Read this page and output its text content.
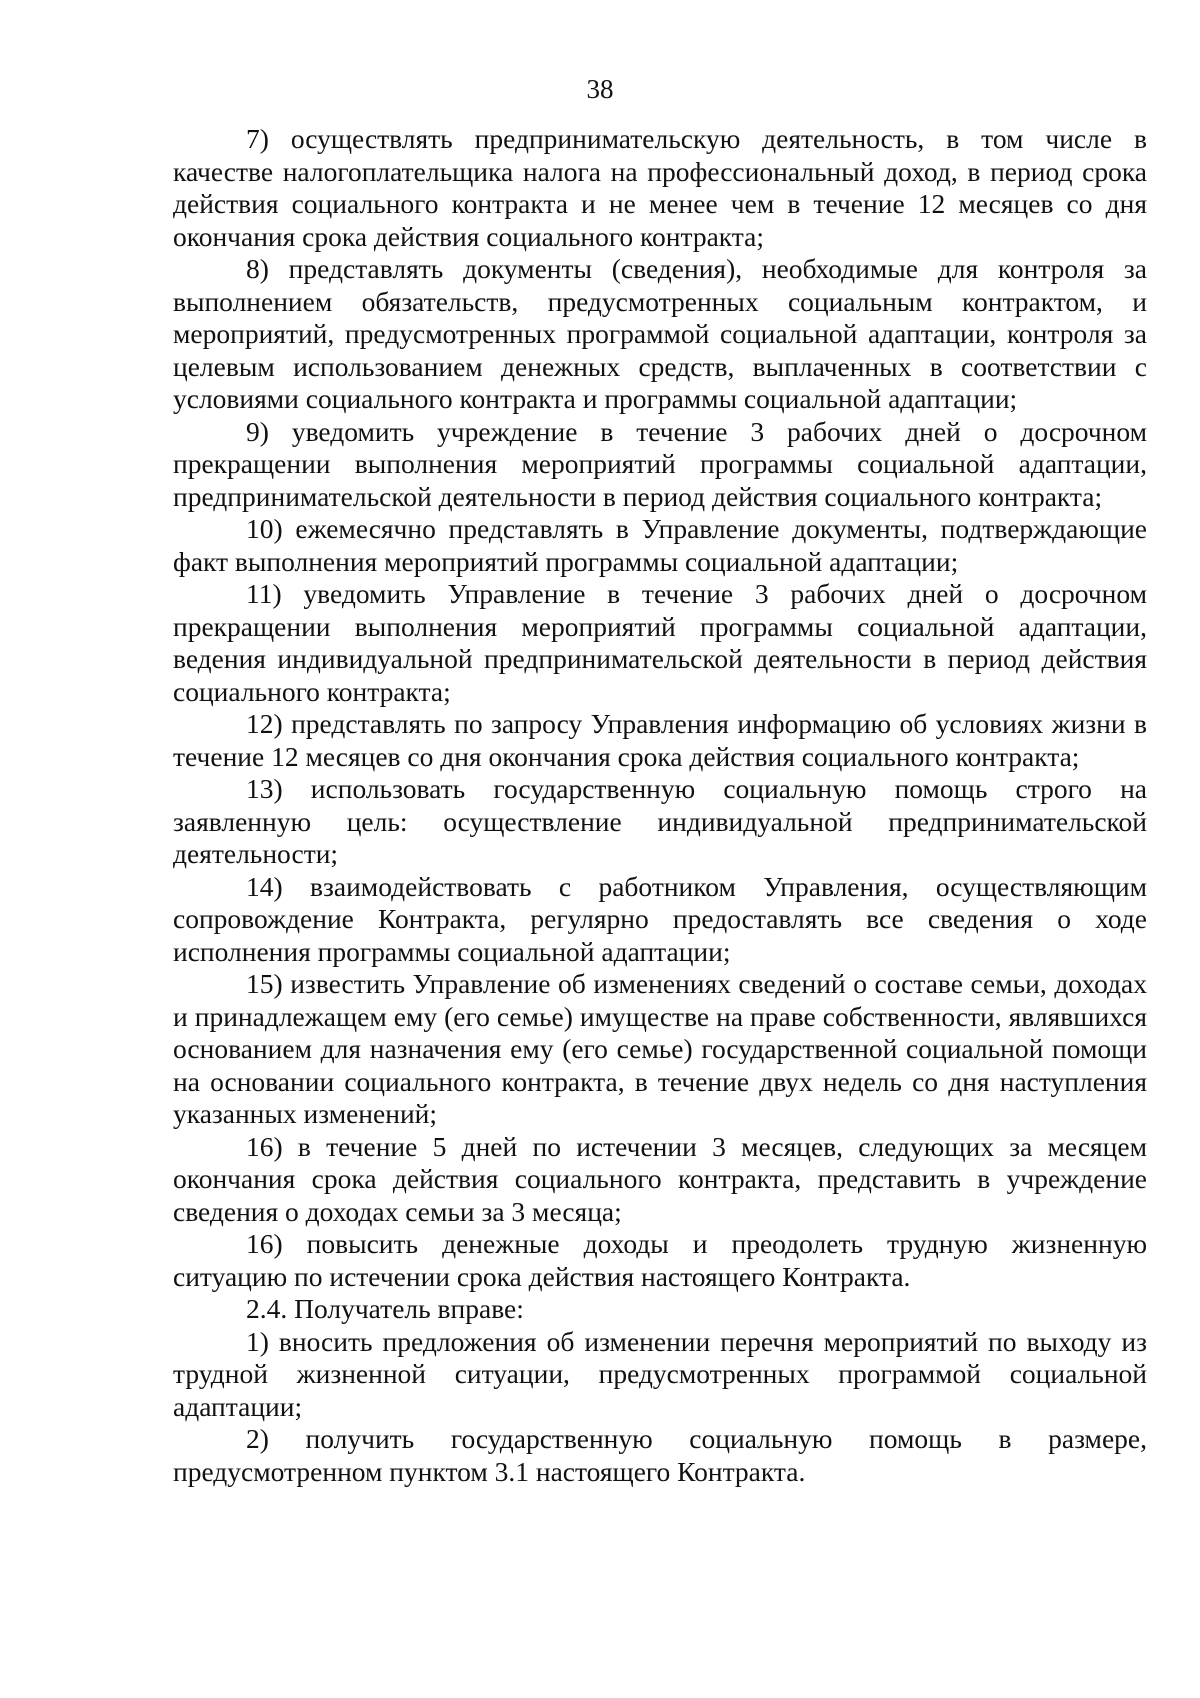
38

7) осуществлять предпринимательскую деятельность, в том числе в качестве налогоплательщика налога на профессиональный доход, в период срока действия социального контракта и не менее чем в течение 12 месяцев со дня окончания срока действия социального контракта;

8) представлять документы (сведения), необходимые для контроля за выполнением обязательств, предусмотренных социальным контрактом, и мероприятий, предусмотренных программой социальной адаптации, контроля за целевым использованием денежных средств, выплаченных в соответствии с условиями социального контракта и программы социальной адаптации;

9) уведомить учреждение в течение 3 рабочих дней о досрочном прекращении выполнения мероприятий программы социальной адаптации, предпринимательской деятельности в период действия социального контракта;

10) ежемесячно представлять в Управление документы, подтверждающие факт выполнения мероприятий программы социальной адаптации;

11) уведомить Управление в течение 3 рабочих дней о досрочном прекращении выполнения мероприятий программы социальной адаптации, ведения индивидуальной предпринимательской деятельности в период действия социального контракта;

12) представлять по запросу Управления информацию об условиях жизни в течение 12 месяцев со дня окончания срока действия социального контракта;

13) использовать государственную социальную помощь строго на заявленную цель: осуществление индивидуальной предпринимательской деятельности;

14) взаимодействовать с работником Управления, осуществляющим сопровождение Контракта, регулярно предоставлять все сведения о ходе исполнения программы социальной адаптации;

15) известить Управление об изменениях сведений о составе семьи, доходах и принадлежащем ему (его семье) имуществе на праве собственности, являвшихся основанием для назначения ему (его семье) государственной социальной помощи на основании социального контракта, в течение двух недель со дня наступления указанных изменений;

16) в течение 5 дней по истечении 3 месяцев, следующих за месяцем окончания срока действия социального контракта, представить в учреждение сведения о доходах семьи за 3 месяца;

16) повысить денежные доходы и преодолеть трудную жизненную ситуацию по истечении срока действия настоящего Контракта.

2.4. Получатель вправе:

1) вносить предложения об изменении перечня мероприятий по выходу из трудной жизненной ситуации, предусмотренных программой социальной адаптации;

2) получить государственную социальную помощь в размере, предусмотренном пунктом 3.1 настоящего Контракта.
